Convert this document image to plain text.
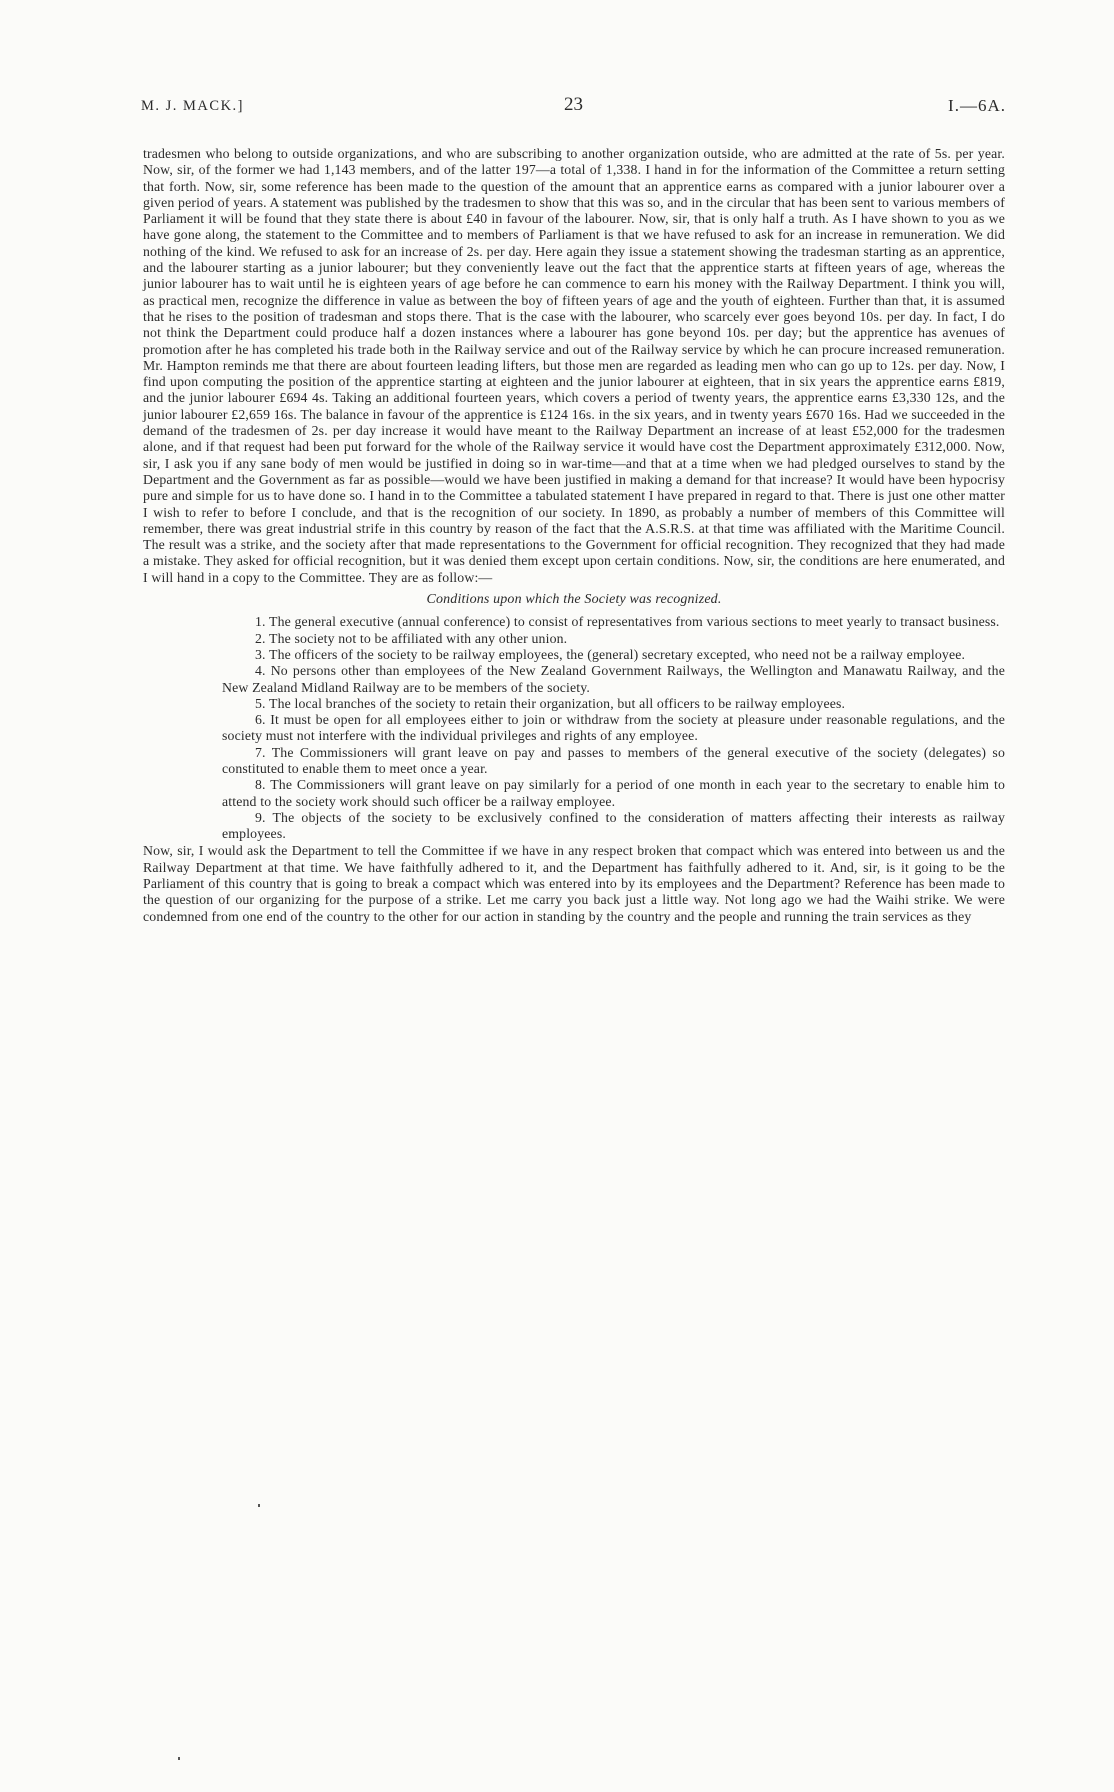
M. J. MACK.]	23	I.—6A.

tradesmen who belong to outside organizations, and who are subscribing to another organization outside, who are admitted at the rate of 5s. per year. Now, sir, of the former we had 1,143 members, and of the latter 197—a total of 1,338. I hand in for the information of the Committee a return setting that forth. Now, sir, some reference has been made to the question of the amount that an apprentice earns as compared with a junior labourer over a given period of years. A statement was published by the tradesmen to show that this was so, and in the circular that has been sent to various members of Parliament it will be found that they state there is about £40 in favour of the labourer. Now, sir, that is only half a truth. As I have shown to you as we have gone along, the statement to the Committee and to members of Parliament is that we have refused to ask for an increase in remuneration. We did nothing of the kind. We refused to ask for an increase of 2s. per day. Here again they issue a statement showing the tradesman starting as an apprentice, and the labourer starting as a junior labourer; but they conveniently leave out the fact that the apprentice starts at fifteen years of age, whereas the junior labourer has to wait until he is eighteen years of age before he can commence to earn his money with the Railway Department. I think you will, as practical men, recognize the difference in value as between the boy of fifteen years of age and the youth of eighteen. Further than that, it is assumed that he rises to the position of tradesman and stops there. That is the case with the labourer, who scarcely ever goes beyond 10s. per day. In fact, I do not think the Department could produce half a dozen instances where a labourer has gone beyond 10s. per day; but the apprentice has avenues of promotion after he has completed his trade both in the Railway service and out of the Railway service by which he can procure increased remuneration. Mr. Hampton reminds me that there are about fourteen leading lifters, but those men are regarded as leading men who can go up to 12s. per day. Now, I find upon computing the position of the apprentice starting at eighteen and the junior labourer at eighteen, that in six years the apprentice earns £819, and the junior labourer £694 4s. Taking an additional fourteen years, which covers a period of twenty years, the apprentice earns £3,330 12s, and the junior labourer £2,659 16s. The balance in favour of the apprentice is £124 16s. in the six years, and in twenty years £670 16s. Had we succeeded in the demand of the tradesmen of 2s. per day increase it would have meant to the Railway Department an increase of at least £52,000 for the tradesmen alone, and if that request had been put forward for the whole of the Railway service it would have cost the Department approximately £312,000. Now, sir, I ask you if any sane body of men would be justified in doing so in war-time—and that at a time when we had pledged ourselves to stand by the Department and the Government as far as possible—would we have been justified in making a demand for that increase? It would have been hypocrisy pure and simple for us to have done so. I hand in to the Committee a tabulated statement I have prepared in regard to that. There is just one other matter I wish to refer to before I conclude, and that is the recognition of our society. In 1890, as probably a number of members of this Committee will remember, there was great industrial strife in this country by reason of the fact that the A.S.R.S. at that time was affiliated with the Maritime Council. The result was a strike, and the society after that made representations to the Government for official recognition. They recognized that they had made a mistake. They asked for official recognition, but it was denied them except upon certain conditions. Now, sir, the conditions are here enumerated, and I will hand in a copy to the Committee. They are as follow:—

Conditions upon which the Society was recognized.

1. The general executive (annual conference) to consist of representatives from various sections to meet yearly to transact business.

2. The society not to be affiliated with any other union.

3. The officers of the society to be railway employees, the (general) secretary excepted, who need not be a railway employee.

4. No persons other than employees of the New Zealand Government Railways, the Wellington and Manawatu Railway, and the New Zealand Midland Railway are to be members of the society.

5. The local branches of the society to retain their organization, but all officers to be railway employees.

6. It must be open for all employees either to join or withdraw from the society at pleasure under reasonable regulations, and the society must not interfere with the individual privileges and rights of any employee.

7. The Commissioners will grant leave on pay and passes to members of the general executive of the society (delegates) so constituted to enable them to meet once a year.

8. The Commissioners will grant leave on pay similarly for a period of one month in each year to the secretary to enable him to attend to the society work should such officer be a railway employee.

9. The objects of the society to be exclusively confined to the consideration of matters affecting their interests as railway employees.

Now, sir, I would ask the Department to tell the Committee if we have in any respect broken that compact which was entered into between us and the Railway Department at that time. We have faithfully adhered to it, and the Department has faithfully adhered to it. And, sir, is it going to be the Parliament of this country that is going to break a compact which was entered into by its employees and the Department? Reference has been made to the question of our organizing for the purpose of a strike. Let me carry you back just a little way. Not long ago we had the Waihi strike. We were condemned from one end of the country to the other for our action in standing by the country and the people and running the train services as they
